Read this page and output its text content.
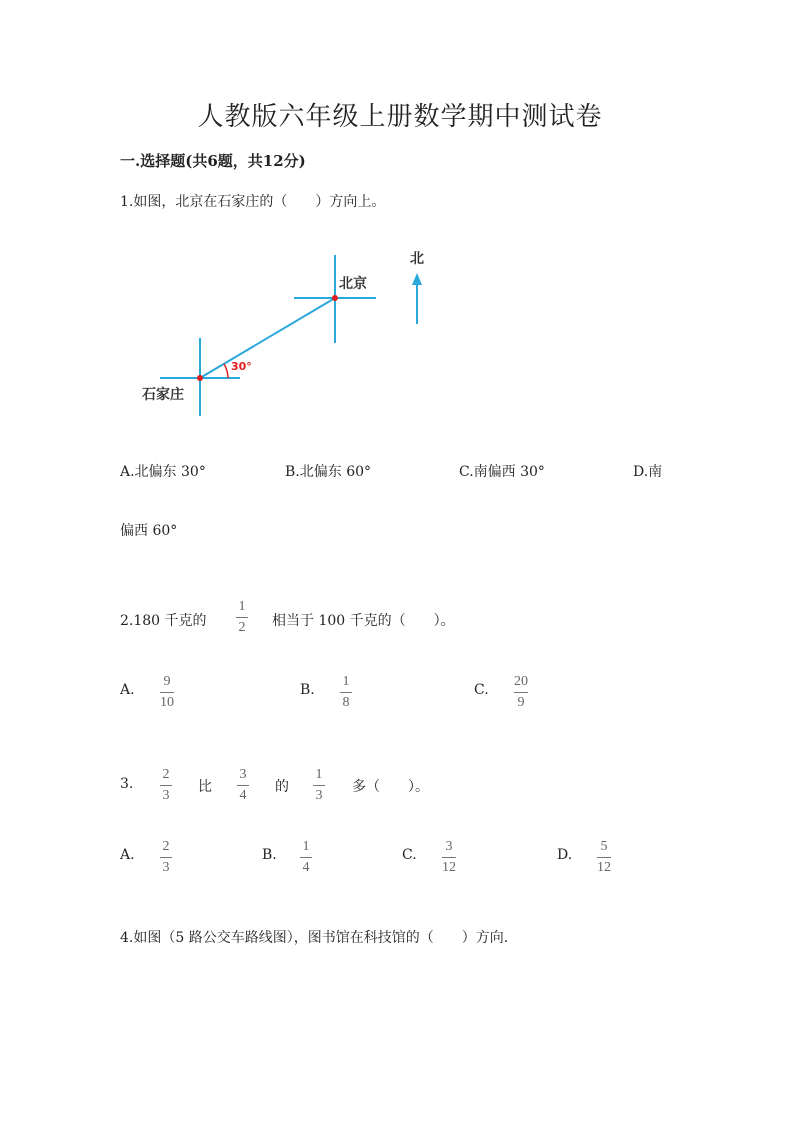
人教版六年级上册数学期中测试卷
一.选择题(共6题，共12分)
1.如图，北京在石家庄的（　　）方向上。
30°
北京
石家庄
北
A.北偏东 30°	B.北偏东 60°	C.南偏西 30°	D.南
偏西 60°
2.180 千克的
1
2 相当于 100 千克的（　　）。
A.
9
10
B.
1
8
C.
20
9
3.
2
3
比
3
4
的
1
3
多（　　）。
A.
2
3
B.
1
4
C.
3
12
D.
5
12
4.如图（5 路公交车路线图），图书馆在科技馆的（　　）方向.
